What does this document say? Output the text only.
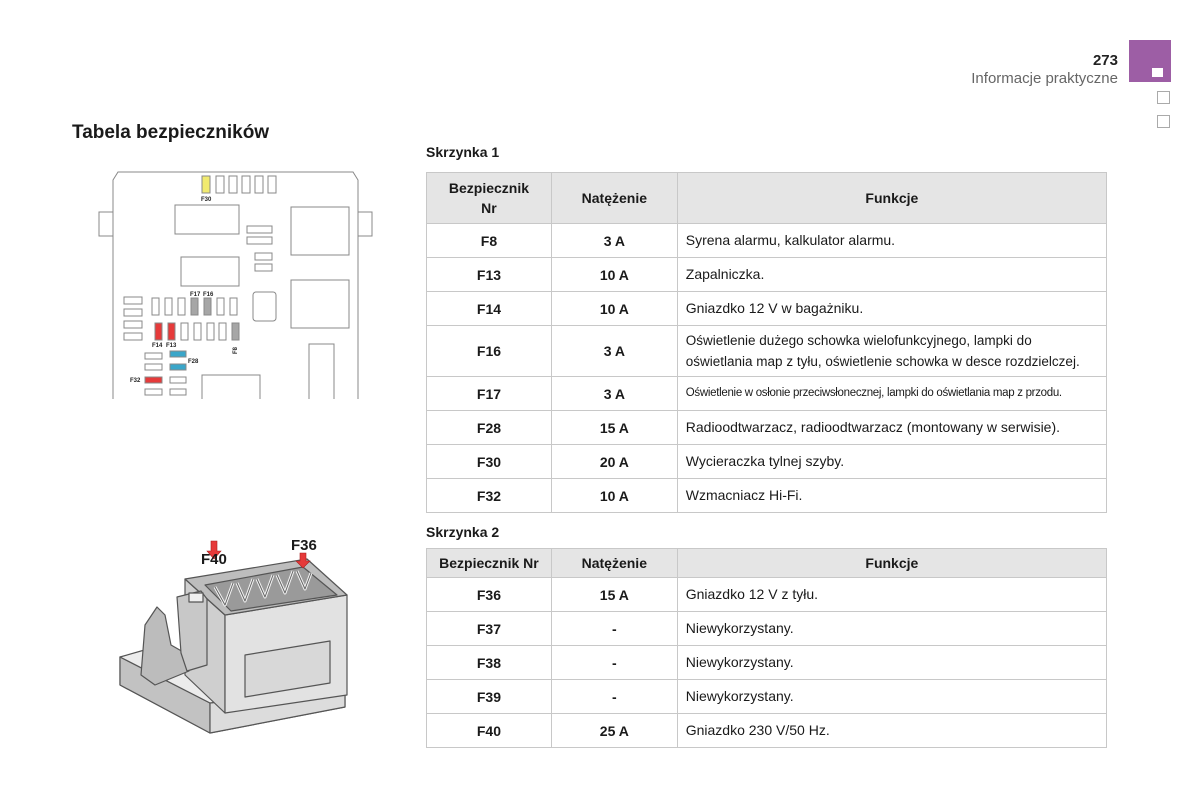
273
Informacje praktyczne
Tabela bezpieczników
F30
F17 F16
F14 F13
F8
F28
F32
F40
F36
Skrzynka 1
Bezpiecznik Nr	Natężenie	Funkcje
F8	3 A	Syrena alarmu, kalkulator alarmu.
F13	10 A	Zapalniczka.
F14	10 A	Gniazdko 12 V w bagażniku.
F16	3 A	Oświetlenie dużego schowka wielofunkcyjnego, lampki do oświetlania map z tyłu, oświetlenie schowka w desce rozdzielczej.
F17	3 A	Oświetlenie w osłonie przeciwsłonecznej, lampki do oświetlania map z przodu.
F28	15 A	Radioodtwarzacz, radioodtwarzacz (montowany w serwisie).
F30	20 A	Wycieraczka tylnej szyby.
F32	10 A	Wzmacniacz Hi-Fi.
Skrzynka 2
Bezpiecznik Nr	Natężenie	Funkcje
F36	15 A	Gniazdko 12 V z tyłu.
F37	-	Niewykorzystany.
F38	-	Niewykorzystany.
F39	-	Niewykorzystany.
F40	25 A	Gniazdko 230 V/50 Hz.
